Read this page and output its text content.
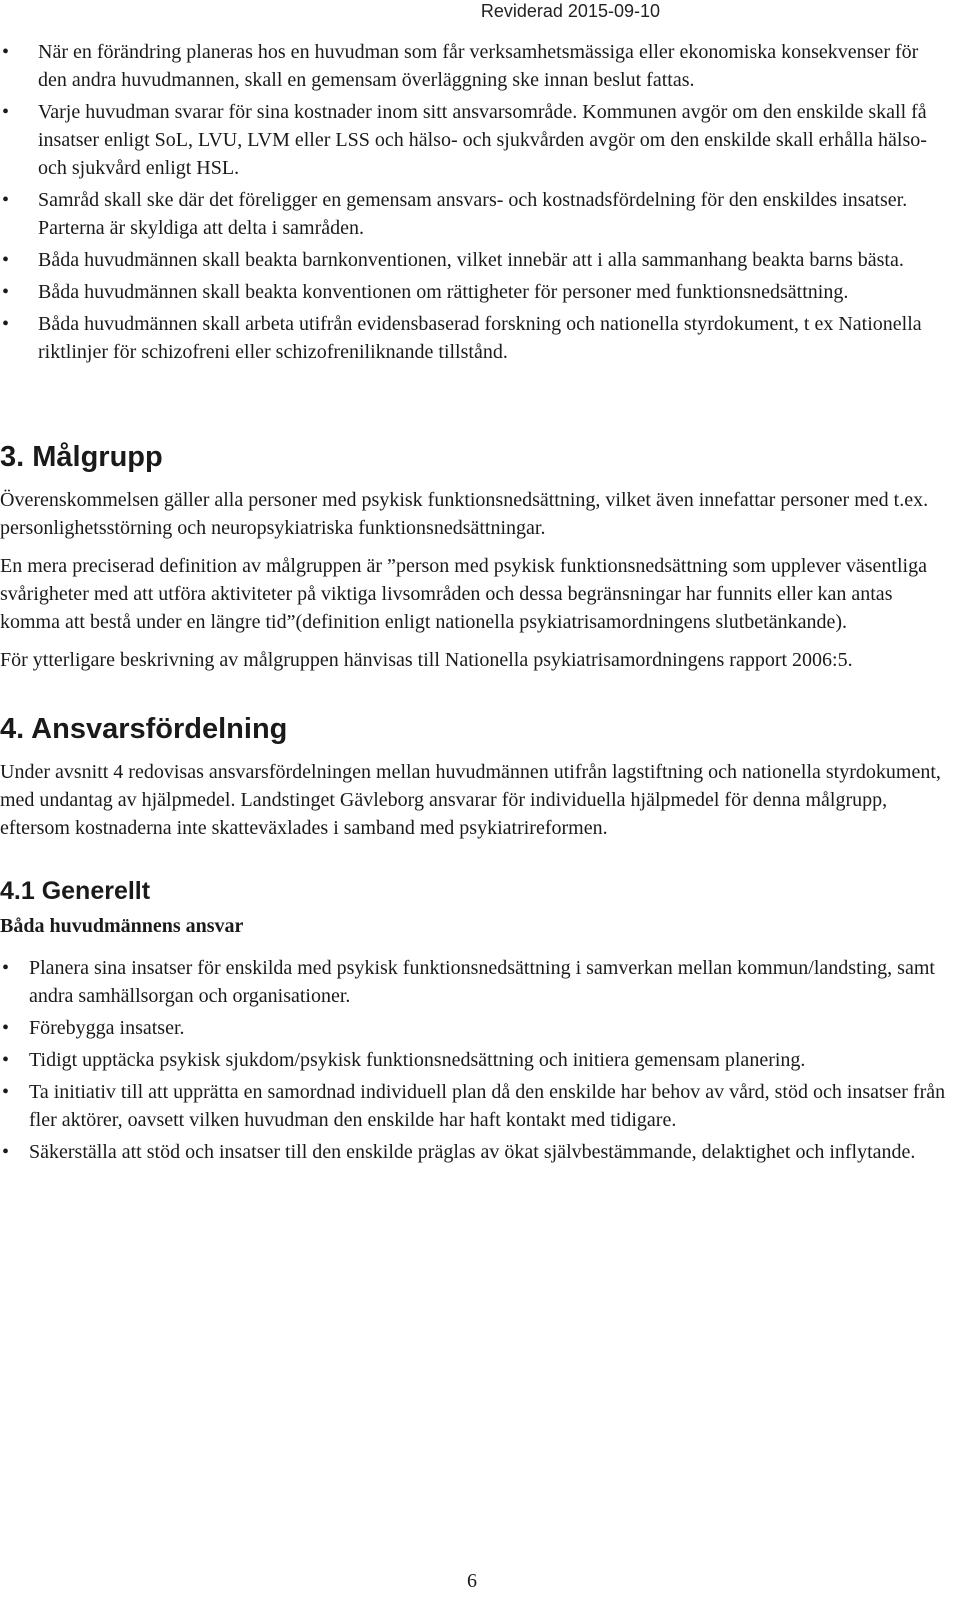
Reviderad 2015-09-10
• När en förändring planeras hos en huvudman som får verksamhetsmässiga eller ekonomiska konsekvenser för den andra huvudmannen, skall en gemensam överläggning ske innan beslut fattas.
• Varje huvudman svarar för sina kostnader inom sitt ansvarsområde. Kommunen avgör om den enskilde skall få insatser enligt SoL, LVU, LVM eller LSS och hälso- och sjukvården avgör om den enskilde skall erhålla hälso- och sjukvård enligt HSL.
• Samråd skall ske där det föreligger en gemensam ansvars- och kostnadsfördelning för den enskildes insatser. Parterna är skyldiga att delta i samråden.
• Båda huvudmännen skall beakta barnkonventionen, vilket innebär att i alla sammanhang beakta barns bästa.
• Båda huvudmännen skall beakta konventionen om rättigheter för personer med funktionsnedsättning.
• Båda huvudmännen skall arbeta utifrån evidensbaserad forskning och nationella styrdokument, t ex Nationella riktlinjer för schizofreni eller schizofreniliknande tillstånd.
3. Målgrupp

Överenskommelsen gäller alla personer med psykisk funktionsnedsättning, vilket även innefattar personer med t.ex. personlighetsstörning och neuropsykiatriska funktionsnedsättningar.

En mera preciserad definition av målgruppen är ”person med psykisk funktionsnedsättning som upplever väsentliga svårigheter med att utföra aktiviteter på viktiga livsområden och dessa begränsningar har funnits eller kan antas komma att bestå under en längre tid”(definition enligt nationella psykiatrisamordningens slutbetänkande).

För ytterligare beskrivning av målgruppen hänvisas till Nationella psykiatrisamordningens rapport 2006:5.

4. Ansvarsfördelning

Under avsnitt 4 redovisas ansvarsfördelningen mellan huvudmännen utifrån lagstiftning och nationella styrdokument, med undantag av hjälpmedel. Landstinget Gävleborg ansvarar för individuella hjälpmedel för denna målgrupp, eftersom kostnaderna inte skatteväxlades i samband med psykiatrireformen.

4.1 Generellt

Båda huvudmännens ansvar

• Planera sina insatser för enskilda med psykisk funktionsnedsättning i samverkan mellan kommun/landsting, samt andra samhällsorgan och organisationer.
• Förebygga insatser.
• Tidigt upptäcka psykisk sjukdom/psykisk funktionsnedsättning och initiera gemensam planering.
• Ta initiativ till att upprätta en samordnad individuell plan då den enskilde har behov av vård, stöd och insatser från fler aktörer, oavsett vilken huvudman den enskilde har haft kontakt med tidigare.
• Säkerställa att stöd och insatser till den enskilde präglas av ökat självbestämmande, delaktighet och inflytande.
6
